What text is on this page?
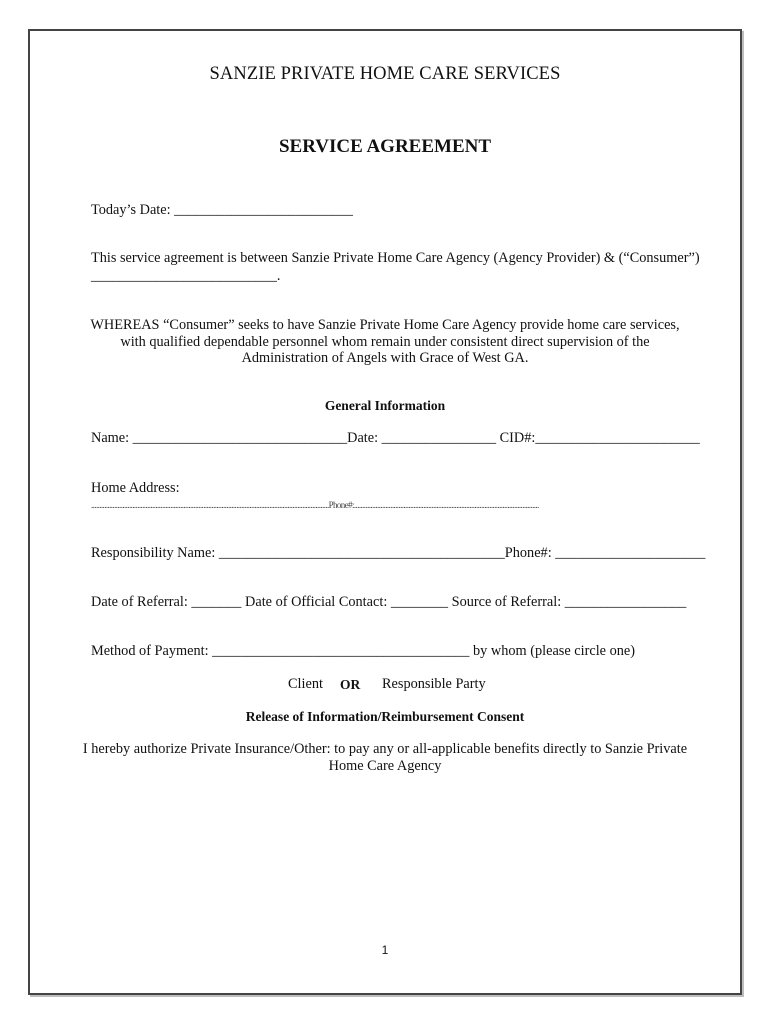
SANZIE PRIVATE HOME CARE SERVICES
SERVICE AGREEMENT
Today’s Date: _________________________
This service agreement is between Sanzie Private Home Care Agency (Agency Provider) & (“Consumer”)
__________________________.
WHEREAS “Consumer” seeks to have Sanzie Private Home Care Agency provide home care services,
with qualified dependable personnel whom remain under consistent direct supervision of the
Administration of Angels with Grace of West GA.
General Information
Name: ______________________________Date: ________________ CID#:_______________________
Home Address:
................................................................................................................................................Phone#:................................................................................................................
Responsibility Name: ________________________________________Phone#: _____________________
Date of Referral: _______ Date of Official Contact: ________ Source of Referral: _________________
Method of Payment: ____________________________________ by whom (please circle one)
Client OR Responsible Party
Release of Information/Reimbursement Consent
I hereby authorize Private Insurance/Other: to pay any or all-applicable benefits directly to Sanzie Private
Home Care Agency
1
